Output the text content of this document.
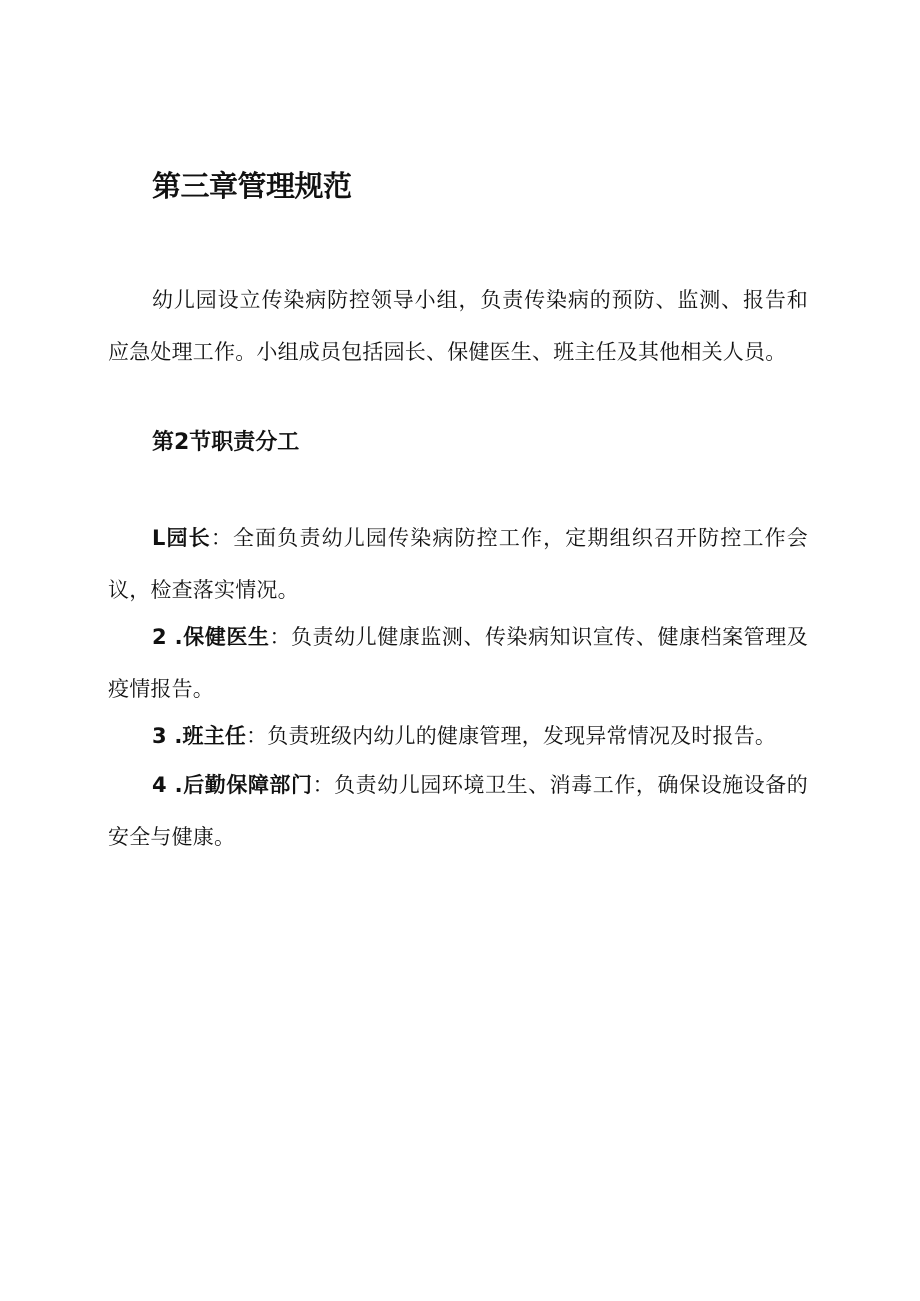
第三章管理规范

幼儿园设立传染病防控领导小组，负责传染病的预防、监测、报告和应急处理工作。小组成员包括园长、保健医生、班主任及其他相关人员。

第2节职责分工

L园长：全面负责幼儿园传染病防控工作，定期组织召开防控工作会议，检查落实情况。

2 .保健医生：负责幼儿健康监测、传染病知识宣传、健康档案管理及疫情报告。

3 .班主任：负责班级内幼儿的健康管理，发现异常情况及时报告。

4 .后勤保障部门：负责幼儿园环境卫生、消毒工作，确保设施设备的安全与健康。
